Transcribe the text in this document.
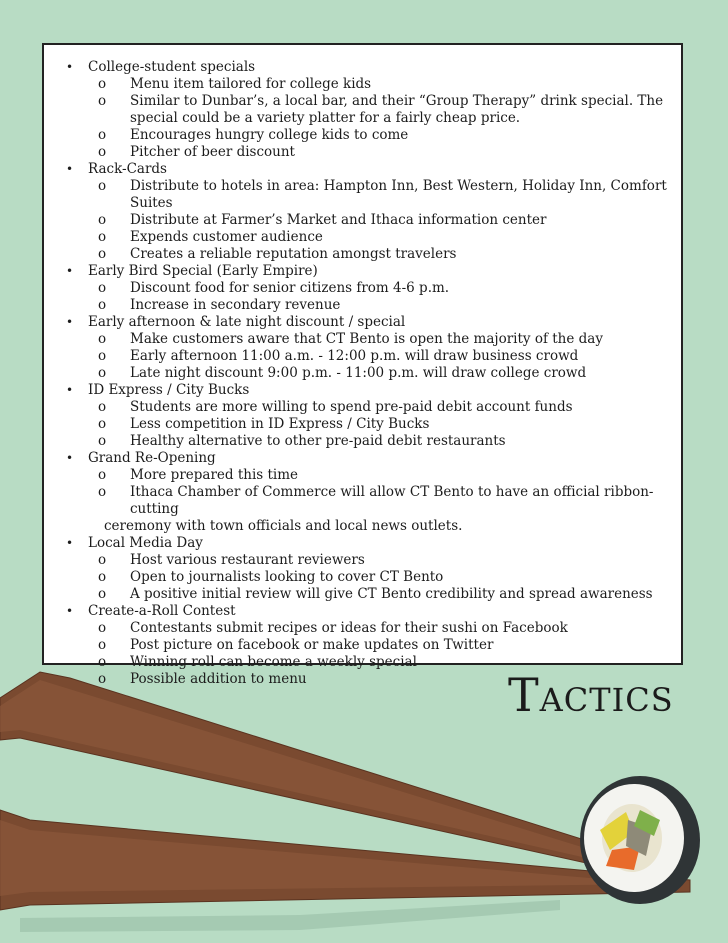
• College-student specials
o Menu item tailored for college kids
o Similar to Dunbar’s, a local bar, and their “Group Therapy” drink special. The special could be a variety platter for a fairly cheap price.
o Encourages hungry college kids to come
o Pitcher of beer discount
• Rack-Cards
o Distribute to hotels in area: Hampton Inn, Best Western, Holiday Inn, Comfort Suites
o Distribute at Farmer’s Market and Ithaca information center
o Expends customer audience
o Creates a reliable reputation amongst travelers
• Early Bird Special (Early Empire)
o Discount food for senior citizens from 4-6 p.m.
o Increase in secondary revenue
• Early afternoon & late night discount / special
o Make customers aware that CT Bento is open the majority of the day
o Early afternoon 11:00 a.m. - 12:00 p.m. will draw business crowd
o Late night discount 9:00 p.m. - 11:00 p.m. will draw college crowd
• ID Express / City Bucks
o Students are more willing to spend pre-paid debit account funds
o Less competition in ID Express / City Bucks
o Healthy alternative to other pre-paid debit restaurants
• Grand Re-Opening
o More prepared this time
o Ithaca Chamber of Commerce will allow CT Bento to have an official ribbon-cutting
ceremony with town officials and local news outlets.
• Local Media Day
o Host various restaurant reviewers
o Open to journalists looking to cover CT Bento
o A positive initial review will give CT Bento credibility and spread awareness
• Create-a-Roll Contest
o Contestants submit recipes or ideas for their sushi on Facebook
o Post picture on facebook or make updates on Twitter
o Winning roll can become a weekly special
o Possible addition to menu	Tactics
